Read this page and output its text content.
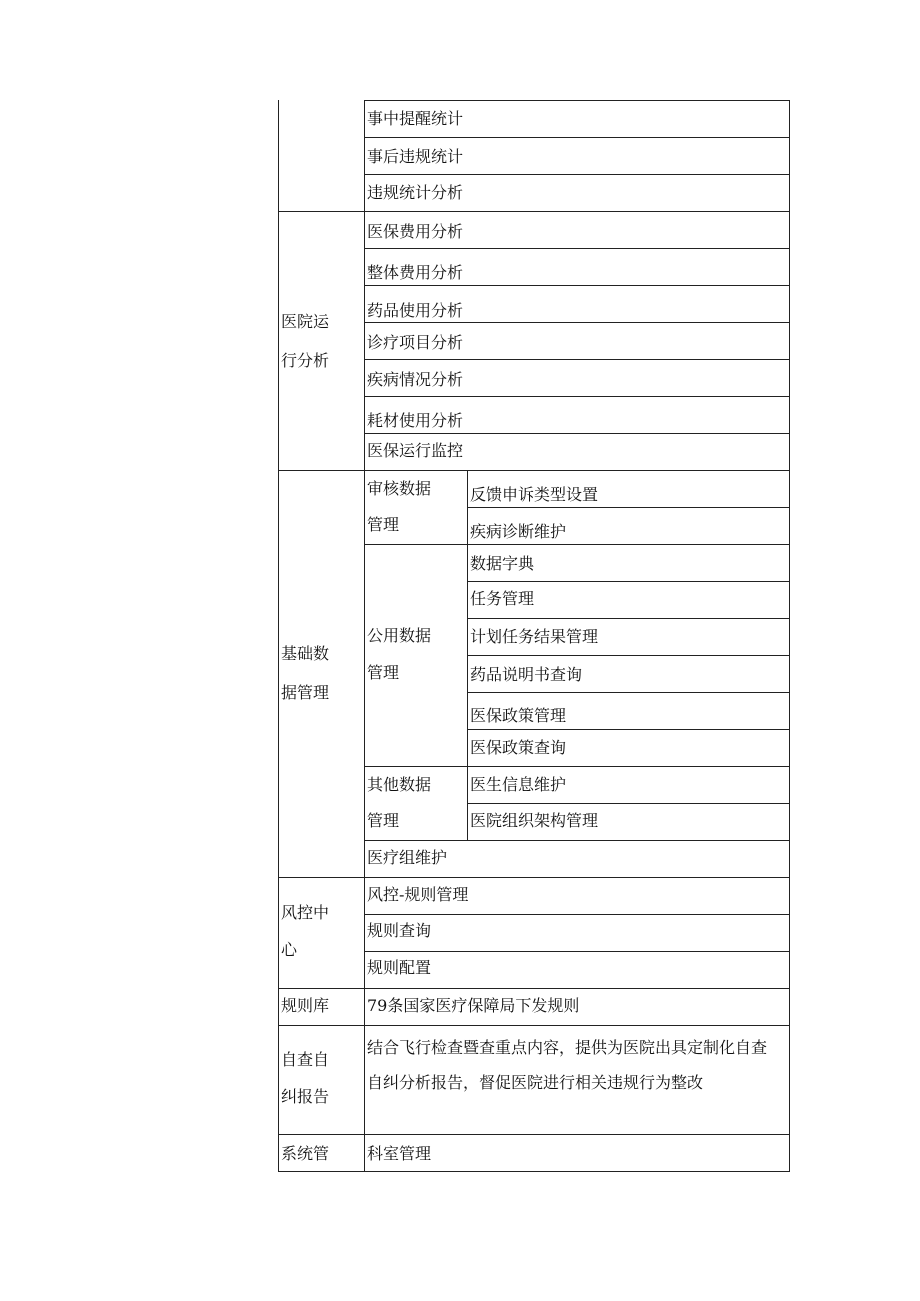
事中提醒统计
事后违规统计
违规统计分析
医院运
行分析
医保费用分析
整体费用分析
药品使用分析
诊疗项目分析
疾病情况分析
耗材使用分析
医保运行监控
基础数
据管理
审核数据
管理
反馈申诉类型设置
疾病诊断维护
公用数据
管理
数据字典
任务管理
计划任务结果管理
药品说明书查询
医保政策管理
医保政策查询
其他数据
管理
医生信息维护
医院组织架构管理
医疗组维护
风控中
心
风控-规则管理
规则查询
规则配置
规则库 79条国家医疗保障局下发规则
自查自
纠报告
结合飞行检查暨查重点内容，提供为医院出具定制化自查
自纠分析报告，督促医院进行相关违规行为整改
系统管 科室管理
